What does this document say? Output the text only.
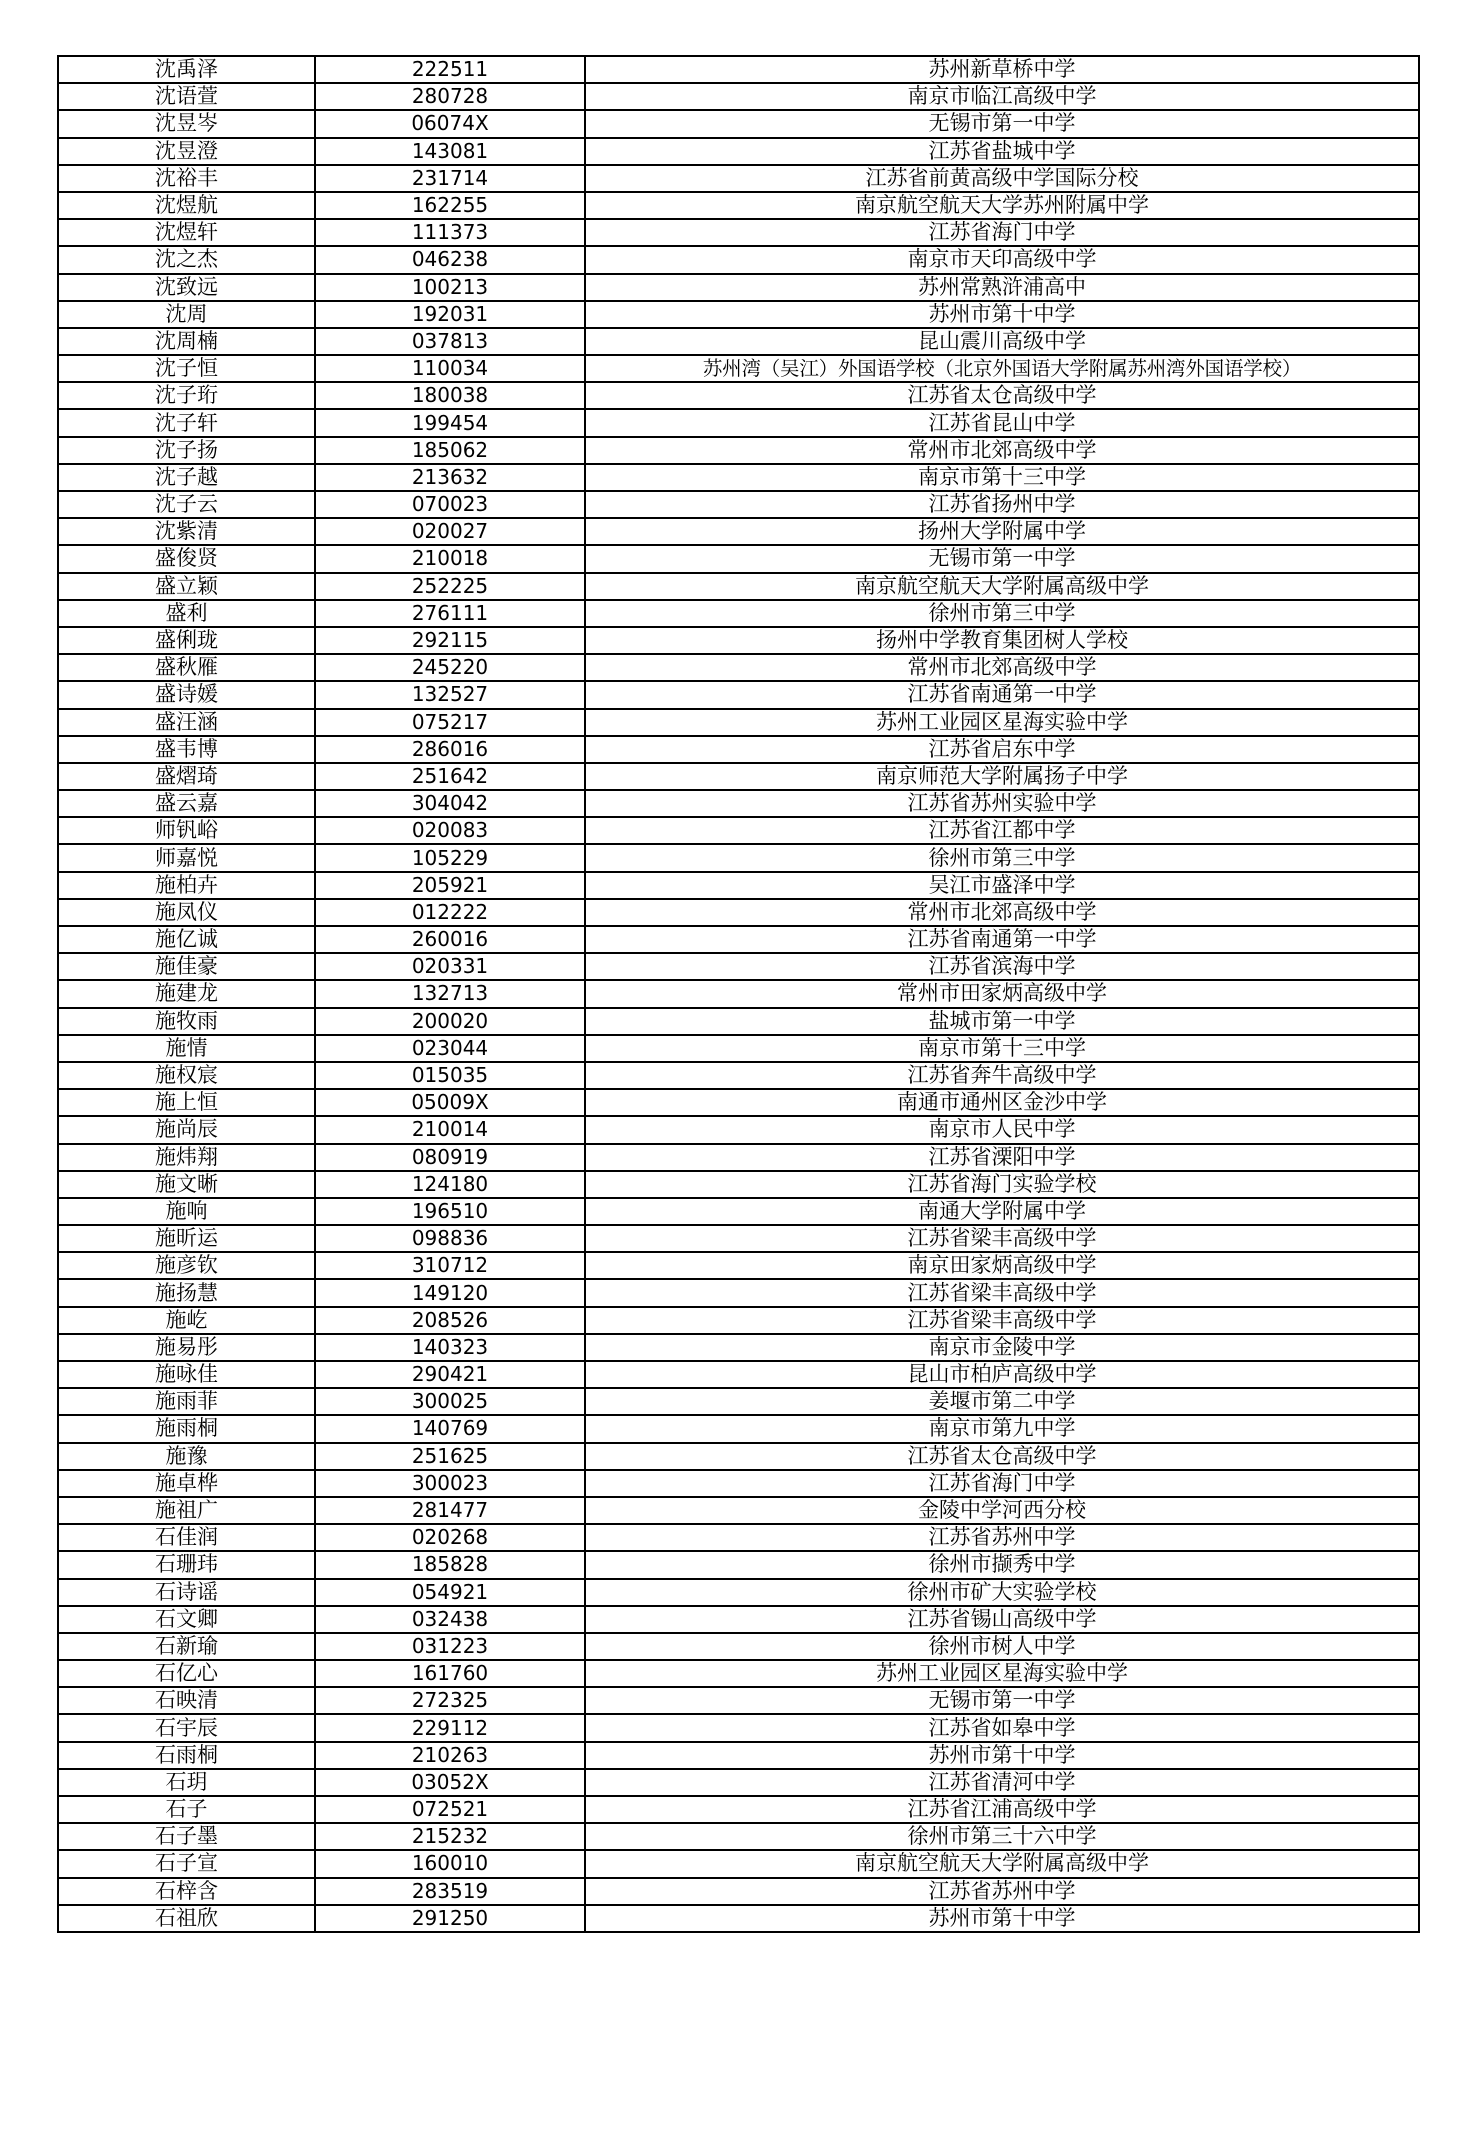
沈禹泽	222511	苏州新草桥中学
沈语萱	280728	南京市临江高级中学
沈昱岑	06074X	无锡市第一中学
沈昱澄	143081	江苏省盐城中学
沈裕丰	231714	江苏省前黄高级中学国际分校
沈煜航	162255	南京航空航天大学苏州附属中学
沈煜轩	111373	江苏省海门中学
沈之杰	046238	南京市天印高级中学
沈致远	100213	苏州常熟浒浦高中
沈周	192031	苏州市第十中学
沈周楠	037813	昆山震川高级中学
沈子恒	110034	苏州湾（吴江）外国语学校（北京外国语大学附属苏州湾外国语学校）
沈子珩	180038	江苏省太仓高级中学
沈子轩	199454	江苏省昆山中学
沈子扬	185062	常州市北郊高级中学
沈子越	213632	南京市第十三中学
沈子云	070023	江苏省扬州中学
沈紫清	020027	扬州大学附属中学
盛俊贤	210018	无锡市第一中学
盛立颖	252225	南京航空航天大学附属高级中学
盛利	276111	徐州市第三中学
盛俐珑	292115	扬州中学教育集团树人学校
盛秋雁	245220	常州市北郊高级中学
盛诗媛	132527	江苏省南通第一中学
盛汪涵	075217	苏州工业园区星海实验中学
盛韦博	286016	江苏省启东中学
盛熠琦	251642	南京师范大学附属扬子中学
盛云嘉	304042	江苏省苏州实验中学
师钒峪	020083	江苏省江都中学
师嘉悦	105229	徐州市第三中学
施柏卉	205921	吴江市盛泽中学
施凤仪	012222	常州市北郊高级中学
施亿诚	260016	江苏省南通第一中学
施佳豪	020331	江苏省滨海中学
施建龙	132713	常州市田家炳高级中学
施牧雨	200020	盐城市第一中学
施情	023044	南京市第十三中学
施权宸	015035	江苏省奔牛高级中学
施上恒	05009X	南通市通州区金沙中学
施尚辰	210014	南京市人民中学
施炜翔	080919	江苏省溧阳中学
施文晰	124180	江苏省海门实验学校
施响	196510	南通大学附属中学
施昕运	098836	江苏省梁丰高级中学
施彦钦	310712	南京田家炳高级中学
施扬慧	149120	江苏省梁丰高级中学
施屹	208526	江苏省梁丰高级中学
施易彤	140323	南京市金陵中学
施咏佳	290421	昆山市柏庐高级中学
施雨菲	300025	姜堰市第二中学
施雨桐	140769	南京市第九中学
施豫	251625	江苏省太仓高级中学
施卓桦	300023	江苏省海门中学
施祖广	281477	金陵中学河西分校
石佳润	020268	江苏省苏州中学
石珊玮	185828	徐州市撷秀中学
石诗谣	054921	徐州市矿大实验学校
石文卿	032438	江苏省锡山高级中学
石新瑜	031223	徐州市树人中学
石亿心	161760	苏州工业园区星海实验中学
石映清	272325	无锡市第一中学
石宇辰	229112	江苏省如皋中学
石雨桐	210263	苏州市第十中学
石玥	03052X	江苏省清河中学
石子	072521	江苏省江浦高级中学
石子墨	215232	徐州市第三十六中学
石子宣	160010	南京航空航天大学附属高级中学
石梓含	283519	江苏省苏州中学
石祖欣	291250	苏州市第十中学
